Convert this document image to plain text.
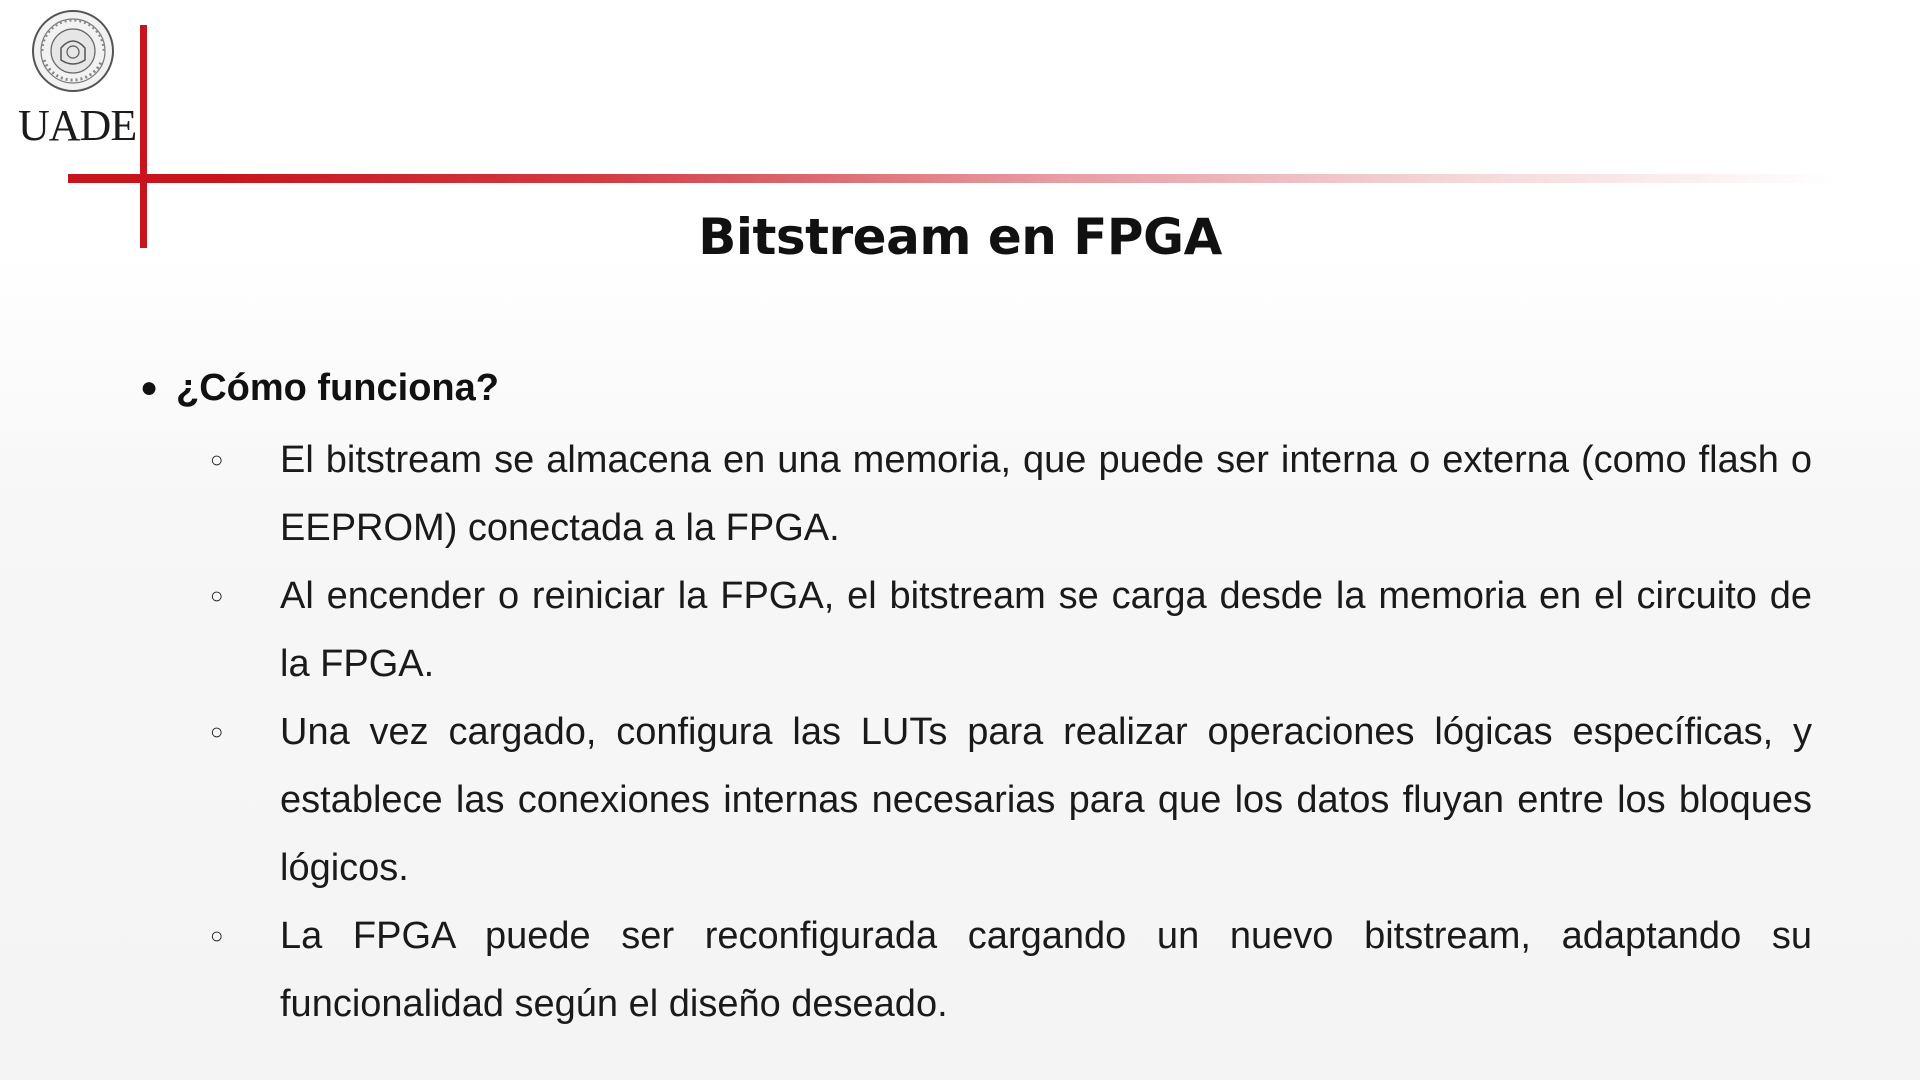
UADE
Bitstream en FPGA
● ¿Cómo funciona?
○	El bitstream se almacena en una memoria, que puede ser interna o externa (como flash o EEPROM) conectada a la FPGA.
○	Al encender o reiniciar la FPGA, el bitstream se carga desde la memoria en el circuito de la FPGA.
○	Una vez cargado, configura las LUTs para realizar operaciones lógicas específicas, y establece las conexiones internas necesarias para que los datos fluyan entre los bloques lógicos.
○	La FPGA puede ser reconfigurada cargando un nuevo bitstream, adaptando su funcionalidad según el diseño deseado.
